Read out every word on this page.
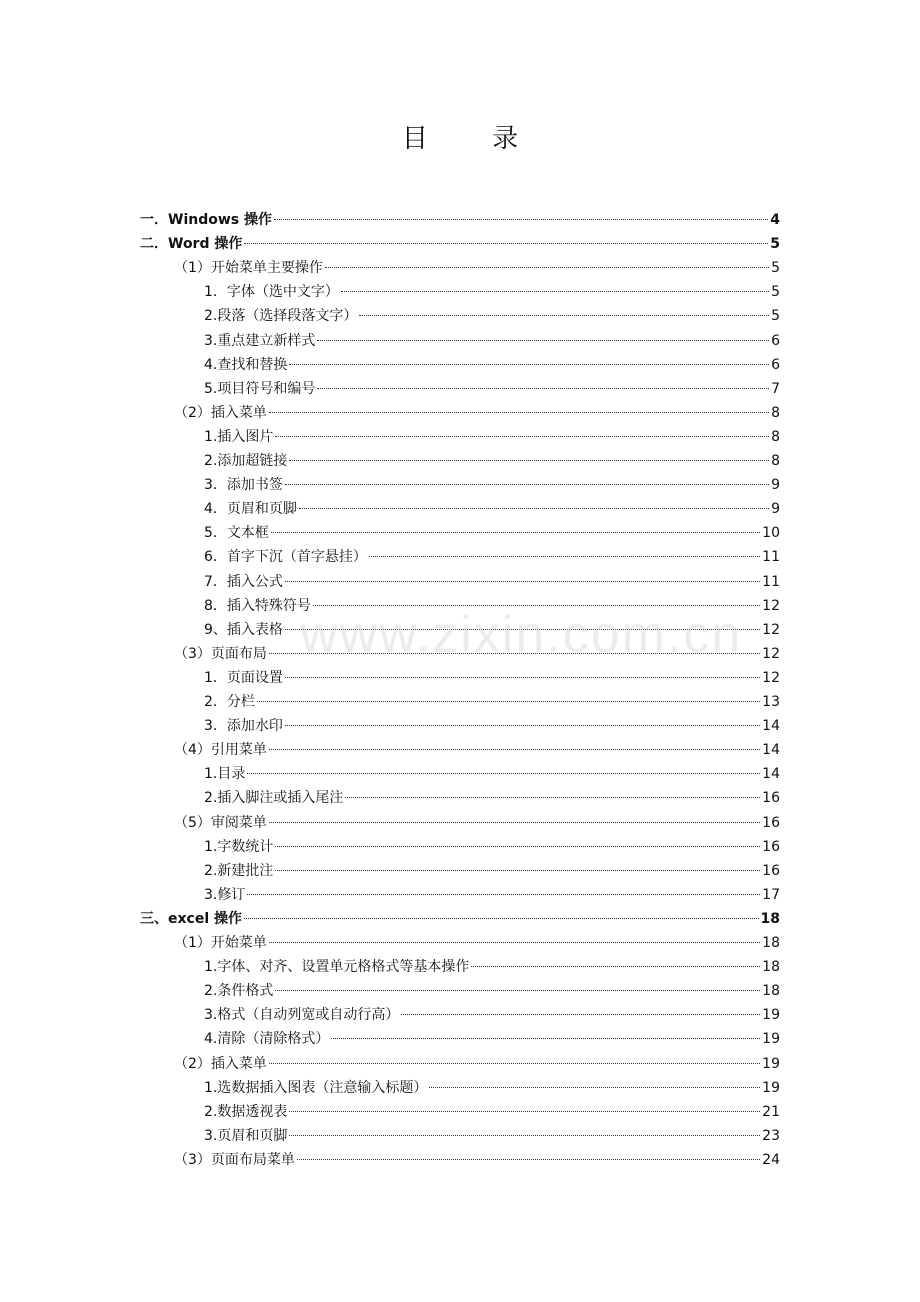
目 录
一．Windows 操作	4
二．Word 操作	5
（1）开始菜单主要操作	5
1．字体（选中文字）	5
2.段落（选择段落文字）	5
3.重点建立新样式	6
4.查找和替换	6
5.项目符号和编号	7
（2）插入菜单	8
1.插入图片	8
2.添加超链接	8
3．添加书签	9
4．页眉和页脚	9
5．文本框	10
6．首字下沉（首字悬挂）	11
7．插入公式	11
8．插入特殊符号	12
9、插入表格	12
（3）页面布局	12
1．页面设置	12
2．分栏	13
3．添加水印	14
（4）引用菜单	14
1.目录	14
2.插入脚注或插入尾注	16
（5）审阅菜单	16
1.字数统计	16
2.新建批注	16
3.修订	17
三、excel 操作	18
（1）开始菜单	18
1.字体、对齐、设置单元格格式等基本操作	18
2.条件格式	18
3.格式（自动列宽或自动行高）	19
4.清除（清除格式）	19
（2）插入菜单	19
1.选数据插入图表（注意输入标题）	19
2.数据透视表	21
3.页眉和页脚	23
（3）页面布局菜单	24
www.zixin.com.cn
